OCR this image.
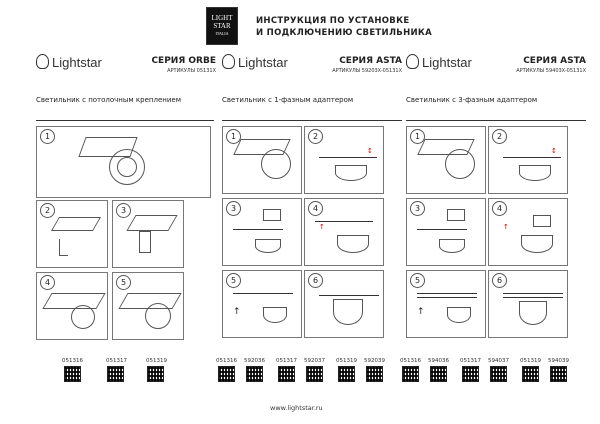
LIGHT
STAR
ITALIA
ИНСТРУКЦИЯ ПО УСТАНОВКЕ
И ПОДКЛЮЧЕНИЮ СВЕТИЛЬНИКА
Lightstar	СЕРИЯ ORBE
АРТИКУЛЫ 05131X
Светильник с потолочным креплением
1
2	3
4	5
051316	051317	051319
Lightstar	СЕРИЯ ASTA
АРТИКУЛЫ 59203X-05131X
Светильник с 1-фазным адаптером
1	2
↕
3	4
↑
5
↑
6
051316 592036 051317 592037 051319 592039
Lightstar	СЕРИЯ ASTA
АРТИКУЛЫ 59403X-05131X
Светильник с 3-фазным адаптером
1	2
↕
3	4
↑
5
↑
6
051316 594036 051317 594037 051319 594039
www.lightstar.ru
